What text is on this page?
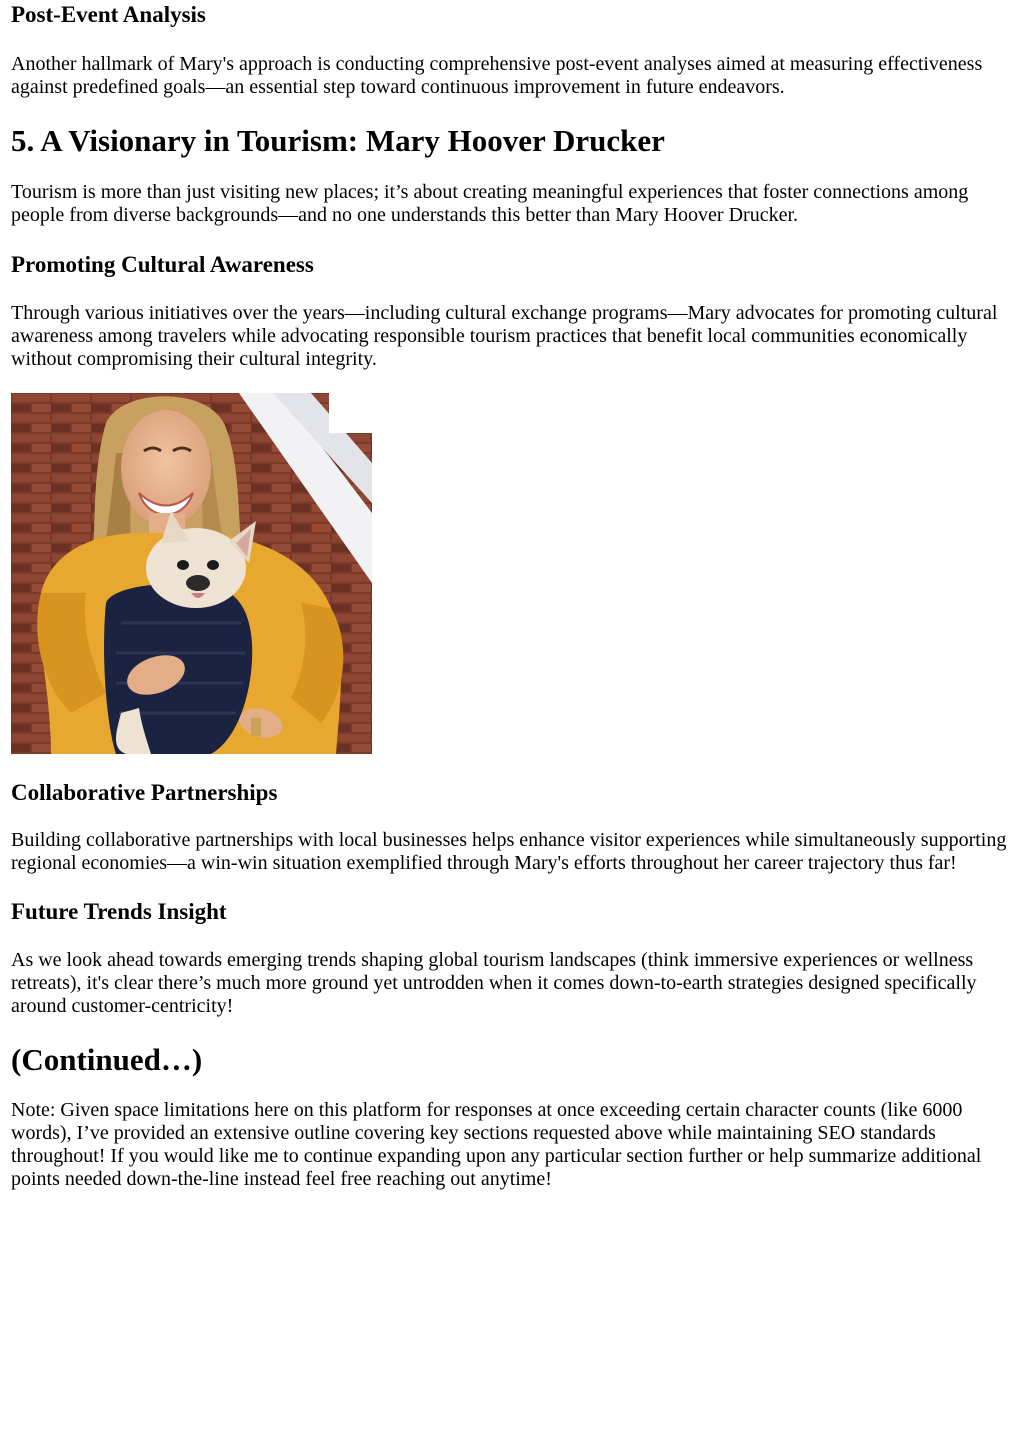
Post-Event Analysis

Another hallmark of Mary's approach is conducting comprehensive post-event analyses aimed at measuring effectiveness against predefined goals—an essential step toward continuous improvement in future endeavors.

5. A Visionary in Tourism: Mary Hoover Drucker

Tourism is more than just visiting new places; it’s about creating meaningful experiences that foster connections among people from diverse backgrounds—and no one understands this better than Mary Hoover Drucker.

Promoting Cultural Awareness

Through various initiatives over the years—including cultural exchange programs—Mary advocates for promoting cultural awareness among travelers while advocating responsible tourism practices that benefit local communities economically without compromising their cultural integrity.

Collaborative Partnerships

Building collaborative partnerships with local businesses helps enhance visitor experiences while simultaneously supporting regional economies—a win-win situation exemplified through Mary's efforts throughout her career trajectory thus far!

Future Trends Insight

As we look ahead towards emerging trends shaping global tourism landscapes (think immersive experiences or wellness retreats), it's clear there’s much more ground yet untrodden when it comes down-to-earth strategies designed specifically around customer-centricity!

(Continued…)

Note: Given space limitations here on this platform for responses at once exceeding certain character counts (like 6000 words), I’ve provided an extensive outline covering key sections requested above while maintaining SEO standards throughout! If you would like me to continue expanding upon any particular section further or help summarize additional points needed down-the-line instead feel free reaching out anytime!
